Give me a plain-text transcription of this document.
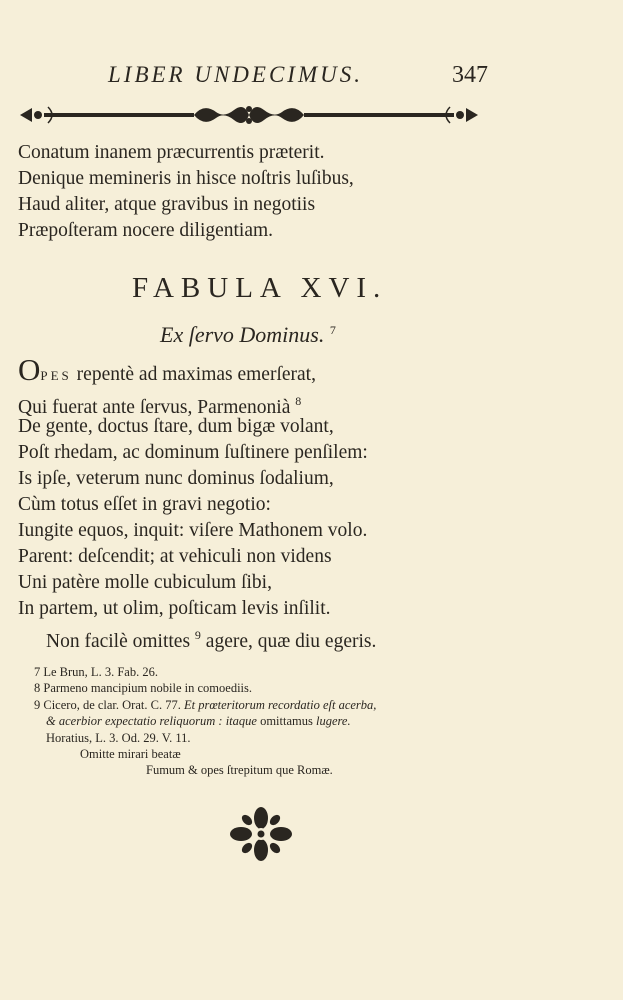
LIBER UNDECIMUS.	347
Conatum inanem præcurrentis præterit.
Denique memineris in hisce noſtris luſibus,
Haud aliter, atque gravibus in negotiis
Præpoſteram nocere diligentiam.
FABULA XVI.
Ex ſervo Dominus. $^7$
OPES repentè ad maximas emerſerat,
Qui fuerat ante ſervus, Parmenonià $^8$
De gente, doctus ſtare, dum bigæ volant,
Poſt rhedam, ac dominum ſuſtinere penſilem:
Is ipſe, veterum nunc dominus ſodalium,
Cùm totus eſſet in gravi negotio:
Iungite equos, inquit: viſere Mathonem volo.
Parent: deſcendit; at vehiculi non videns
Uni patère molle cubiculum ſibi,
In partem, ut olim, poſticam levis inſilit.
Non facilè omittes $^9$ agere, quæ diu egeris.
7 Le Brun, L. 3. Fab. 26.
8 Parmeno mancipium nobile in comoediis.
9 Cicero, de clar. Orat. C. 77. Et prœteritorum recordatio eſt acerba,
& acerbior expectatio reliquorum : itaque omittamus lugere.
Horatius, L. 3. Od. 29. V. 11.
Omitte mirari beatæ
Fumum & opes ſtrepitum que Romæ.
